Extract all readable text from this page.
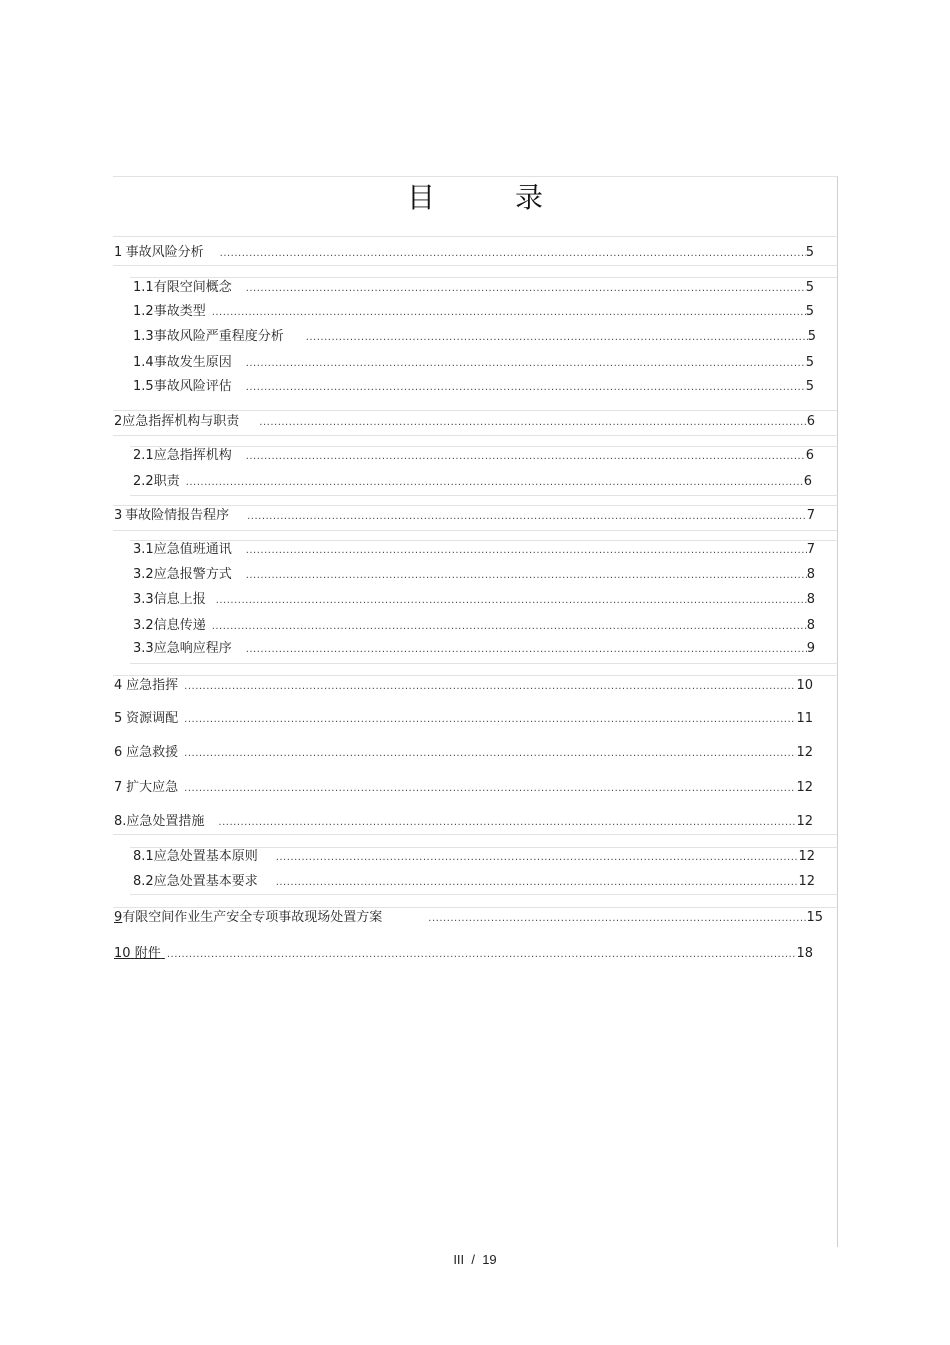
目　录
1 事故风险分析 .....	5
1.1 有限空间概念 .....	5
1.2 事故类型 .....	5
1.3 事故风险严重程度分析 .....	5
1.4 事故发生原因 .....	5
1.5 事故风险评估 .....	5
2 应急指挥机构与职责 .....	6
2.1 应急指挥机构 .....	6
2.2 职责 .....	6
3 事故险情报告程序 .....	7
3.1 应急值班通讯 .....	7
3.2 应急报警方式 .....	8
3.3 信息上报 .....	8
3.2 信息传递 .....	8
3.3 应急响应程序 .....	9
4 应急指挥 .....	10
5 资源调配 .....	11
6 应急救援 .....	12
7 扩大应急 .....	12
8. 应急处置措施 .....	12
8.1 应急处置基本原则 .....	12
8.2 应急处置基本要求 .....	12
9 有限空间作业生产安全专项事故现场处置方案 .....	15
10 附件 .....	18
III  /  19
